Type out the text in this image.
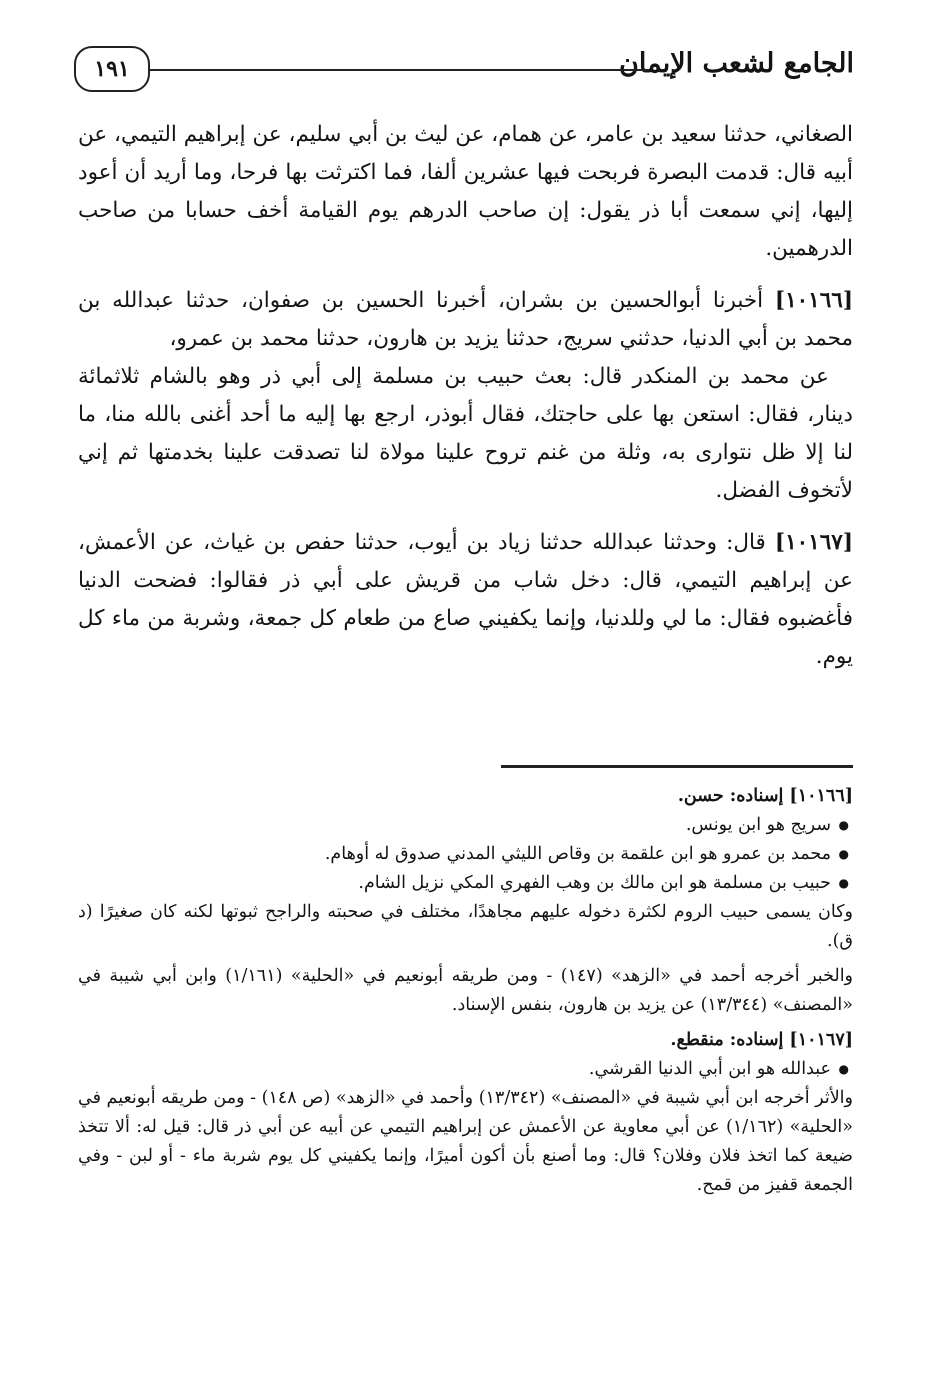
الجامع لشعب الإيمان
١٩١

الصغاني، حدثنا سعيد بن عامر، عن همام، عن ليث بن أبي سليم، عن إبراهيم التيمي، عن أبيه قال: قدمت البصرة فربحت فيها عشرين ألفا، فما اكترثت بها فرحا، وما أريد أن أعود إليها، إني سمعت أبا ذر يقول: إن صاحب الدرهم يوم القيامة أخف حسابا من صاحب الدرهمين.

[١٠١٦٦] أخبرنا أبوالحسين بن بشران، أخبرنا الحسين بن صفوان، حدثنا عبدالله بن محمد بن أبي الدنيا، حدثني سريج، حدثنا يزيد بن هارون، حدثنا محمد بن عمرو،

عن محمد بن المنكدر قال: بعث حبيب بن مسلمة إلى أبي ذر وهو بالشام ثلاثمائة دينار، فقال: استعن بها على حاجتك، فقال أبوذر، ارجع بها إليه ما أحد أغنى بالله منا، ما لنا إلا ظل نتوارى به، وثلة من غنم تروح علينا مولاة لنا تصدقت علينا بخدمتها ثم إني لأتخوف الفضل.

[١٠١٦٧] قال: وحدثنا عبدالله حدثنا زياد بن أيوب، حدثنا حفص بن غياث، عن الأعمش، عن إبراهيم التيمي، قال: دخل شاب من قريش على أبي ذر فقالوا: فضحت الدنيا فأغضبوه فقال: ما لي وللدنيا، وإنما يكفيني صاع من طعام كل جمعة، وشربة من ماء كل يوم.

[١٠١٦٦] إسناده: حسن.

● سريج هو ابن يونس.

● محمد بن عمرو هو ابن علقمة بن وقاص الليثي المدني صدوق له أوهام.

● حبيب بن مسلمة هو ابن مالك بن وهب الفهري المكي نزيل الشام.

وكان يسمى حبيب الروم لكثرة دخوله عليهم مجاهدًا، مختلف في صحبته والراجح ثبوتها لكنه كان صغيرًا (د ق).

والخبر أخرجه أحمد في «الزهد» (١٤٧) - ومن طريقه أبونعيم في «الحلية» (١/١٦١) وابن أبي شيبة في «المصنف» (١٣/٣٤٤) عن يزيد بن هارون، بنفس الإسناد.

[١٠١٦٧] إسناده: منقطع.

● عبدالله هو ابن أبي الدنيا القرشي.

والأثر أخرجه ابن أبي شيبة في «المصنف» (١٣/٣٤٢) وأحمد في «الزهد» (ص ١٤٨) - ومن طريقه أبونعيم في «الحلية» (١/١٦٢) عن أبي معاوية عن الأعمش عن إبراهيم التيمي عن أبيه عن أبي ذر قال: قيل له: ألا تتخذ ضيعة كما اتخذ فلان وفلان؟ قال: وما أصنع بأن أكون أميرًا، وإنما يكفيني كل يوم شربة ماء - أو لبن - وفي الجمعة قفيز من قمح.
